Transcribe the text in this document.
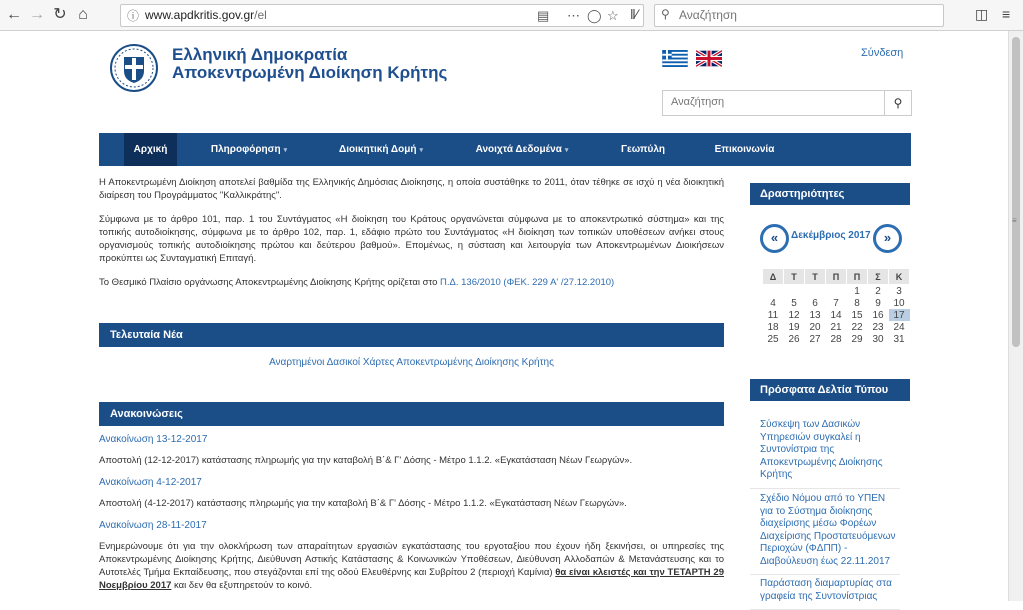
← → ↻ ⌂	ⓘ www.apdkritis.gov.gr/el	▤ ⋯ ◯ ☆ ‖⁄ ⚲
Αναζήτηση	◫ ≡
≡
Ελληνική Δημοκρατία
Αποκεντρωμένη Διοίκηση Κρήτης

Σύνδεση
Αναζήτηση
⚲
Αρχική	Πληροφόρηση ▾	Διοικητική Δομή ▾	Ανοιχτά Δεδομένα ▾	Γεωπύλη	Επικοινωνία

Η Αποκεντρωμένη Διοίκηση αποτελεί βαθμίδα της Ελληνικής Δημόσιας Διοίκησης, η οποία συστάθηκε το 2011, όταν τέθηκε σε ισχύ η νέα διοικητική διαίρεση του Προγράμματος "Καλλικράτης".

Σύμφωνα με το άρθρο 101, παρ. 1 του Συντάγματος «Η διοίκηση του Κράτους οργανώνεται σύμφωνα με το αποκεντρωτικό σύστημα» και της τοπικής αυτοδιοίκησης, σύμφωνα με το άρθρο 102, παρ. 1, εδάφιο πρώτο του Συντάγματος «Η διοίκηση των τοπικών υποθέσεων ανήκει στους οργανισμούς τοπικής αυτοδιοίκησης πρώτου και δεύτερου βαθμού». Επομένως, η σύσταση και λειτουργία των Αποκεντρωμένων Διοικήσεων προκύπτει ως Συνταγματική Επιταγή.

Το Θεσμικό Πλαίσιο οργάνωσης Αποκεντρωμένης Διοίκησης Κρήτης ορίζεται στο Π.Δ. 136/2010 (ΦΕΚ. 229 Α' /27.12.2010)

Τελευταία Νέα
Αναρτημένοι Δασικοί Χάρτες Αποκεντρωμένης Διοίκησης Κρήτης
Ανακοινώσεις
Ανακοίνωση 13-12-2017
Αποστολή (12-12-2017) κατάστασης πληρωμής για την καταβολή Β΄& Γ' Δόσης - Μέτρο 1.1.2. «Εγκατάσταση Νέων Γεωργών».
Ανακοίνωση 4-12-2017
Αποστολή (4-12-2017) κατάστασης πληρωμής για την καταβολή Β΄& Γ' Δόσης - Μέτρο 1.1.2. «Εγκατάσταση Νέων Γεωργών».
Ανακοίνωση 28-11-2017
Ενημερώνουμε ότι για την ολοκλήρωση των απαραίτητων εργασιών εγκατάστασης του εργοταξίου που έχουν ήδη ξεκινήσει, οι υπηρεσίες της Αποκεντρωμένης Διοίκησης Κρήτης, Διεύθυνση Αστικής Κατάστασης & Κοινωνικών Υποθέσεων, Διεύθυνση Αλλοδαπών & Μετανάστευσης και το Αυτοτελές Τμήμα Εκπαίδευσης, που στεγάζονται επί της οδού Ελευθέρνης και Συβρίτου 2 (περιοχή Καμίνια) θα είναι κλειστές και την ΤΕΤΑΡΤΗ 29 Νοεμβρίου 2017 και δεν θα εξυπηρετούν το κοινό.
Δραστηριότητες
«	Δεκέμβριος 2017	»
Δ	Τ	Τ	Π	Π	Σ	Κ
				1	2	3
4	5	6	7	8	9	10
11	12	13	14	15	16	17
18	19	20	21	22	23	24
25	26	27	28	29	30	31
Πρόσφατα Δελτία Τύπου
Σύσκεψη των Δασικών Υπηρεσιών συγκαλεί η Συντονίστρια της Αποκεντρωμένης Διοίκησης Κρήτης
Σχέδιο Νόμου από το ΥΠΕΝ για το Σύστημα διοίκησης διαχείρισης μέσω Φορέων Διαχείρισης Προστατευόμενων Περιοχών (ΦΔΠΠ) - Διαβούλευση έως 22.11.2017
Παράσταση διαμαρτυρίας στα γραφεία της Συντονίστριας
